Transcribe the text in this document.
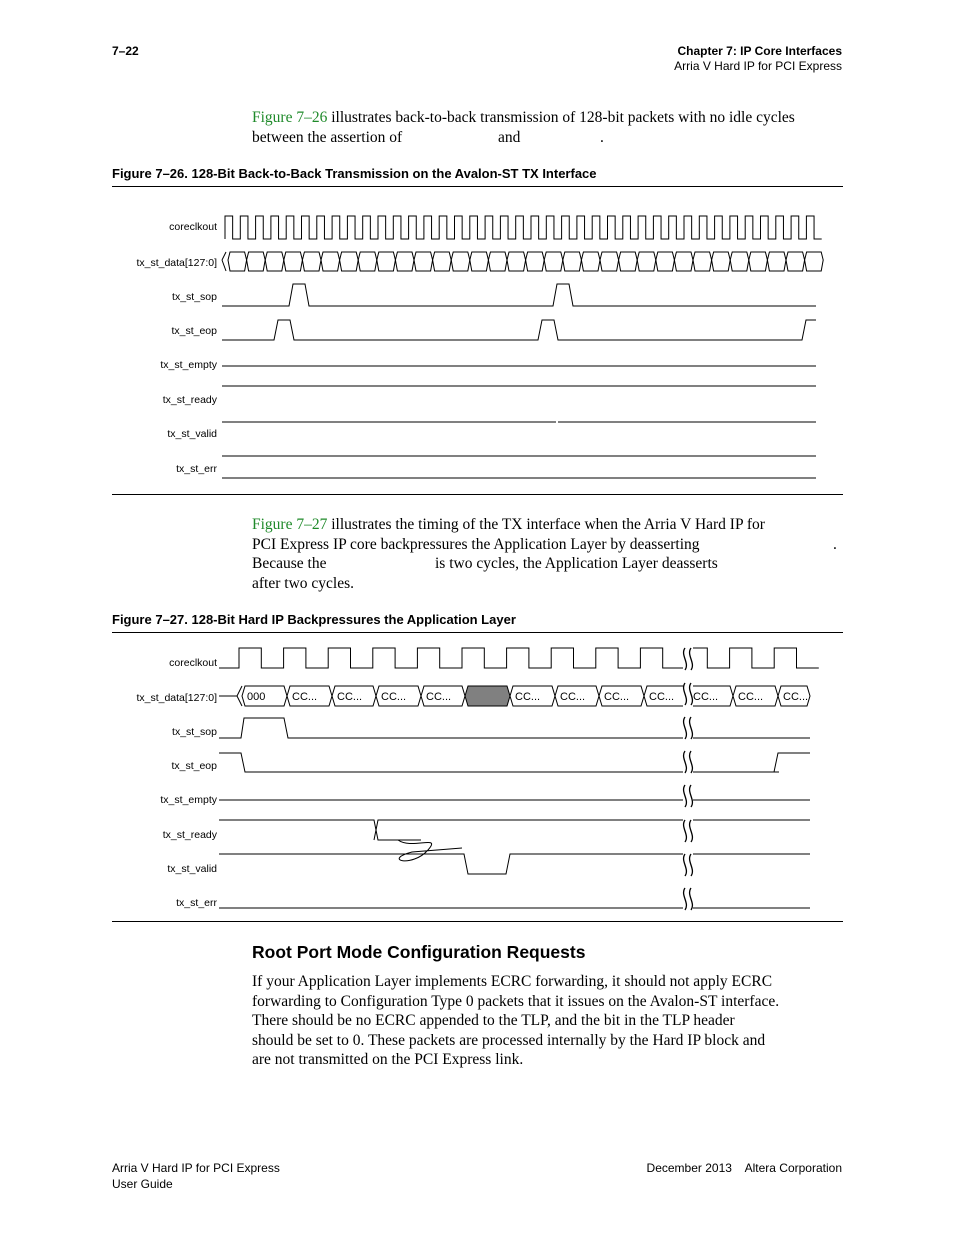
7–22	Chapter 7: IP Core Interfaces
Arria V Hard IP for PCI Express
Figure 7–26 illustrates back-to-back transmission of 128-bit packets with no idle cycles
between the assertion of	and	.
Figure 7–26. 128-Bit Back-to-Back Transmission on the Avalon-ST TX Interface
coreclkout
tx_st_data[127:0]
tx_st_sop
tx_st_eop
tx_st_empty
tx_st_ready
tx_st_valid
tx_st_err
Figure 7–27 illustrates the timing of the TX interface when the Arria V Hard IP for
PCI Express IP core backpressures the Application Layer by deasserting	.
Because the	is two cycles, the Application Layer deasserts
after two cycles.
Figure 7–27. 128-Bit Hard IP Backpressures the Application Layer
coreclkout
tx_st_data[127:0]
tx_st_sop
tx_st_eop
tx_st_empty
tx_st_ready
tx_st_valid
tx_st_err
000 CC... CC... CC... CC...	CC... CC... CC... CC... CC... CC... CC...
Root Port Mode Configuration Requests
If your Application Layer implements ECRC forwarding, it should not apply ECRC
forwarding to Configuration Type 0 packets that it issues on the Avalon-ST interface.
There should be no ECRC appended to the TLP, and the bit in the TLP header
should be set to 0. These packets are processed internally by the Hard IP block and
are not transmitted on the PCI Express link.
Arria V Hard IP for PCI Express
User Guide
December 2013    Altera Corporation
